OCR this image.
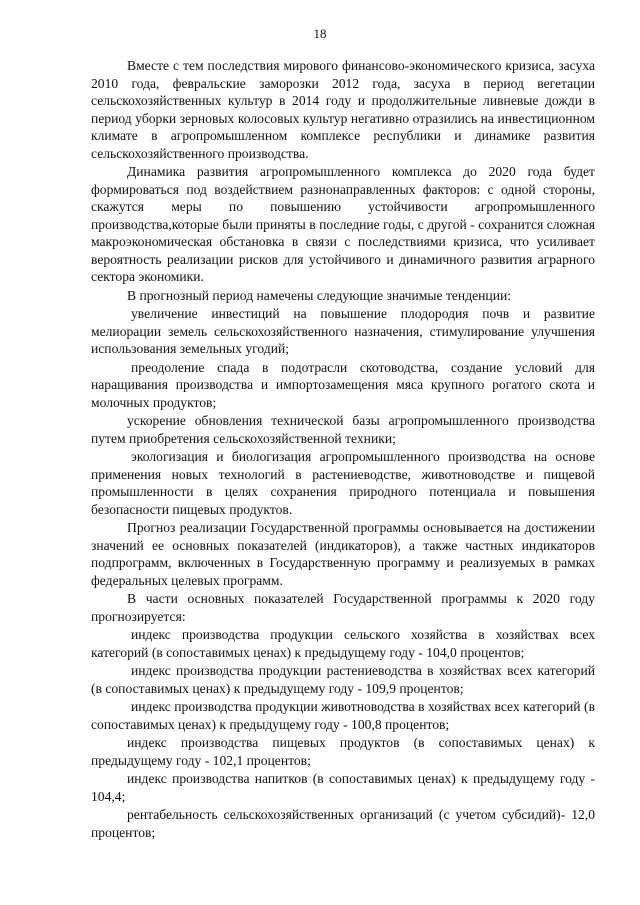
18

Вместе с тем последствия мирового финансово-экономического кризиса, засуха 2010 года, февральские заморозки 2012 года, засуха в период вегетации сельскохозяйственных культур в 2014 году и продолжительные ливневые дожди в период уборки зерновых колосовых культур негативно отразились на инвестиционном климате в агропромышленном комплексе республики и динамике развития сельскохозяйственного производства.

Динамика развития агропромышленного комплекса до 2020 года будет формироваться под воздействием разнонаправленных факторов: с одной стороны, скажутся меры по повышению устойчивости агропромышленного производства,которые были приняты в последние годы, с другой - сохранится сложная макроэкономическая обстановка в связи с последствиями кризиса, что усиливает вероятность реализации рисков для устойчивого и динамичного развития аграрного сектора экономики.

В прогнозный период намечены следующие значимые тенденции:

увеличение инвестиций на повышение плодородия почв и развитие мелиорации земель сельскохозяйственного назначения, стимулирование улучшения использования земельных угодий;

преодоление спада в подотрасли скотоводства, создание условий для наращивания производства и импортозамещения мяса крупного рогатого скота и молочных продуктов;

ускорение обновления технической базы агропромышленного производства путем приобретения сельскохозяйственной техники;

экологизация и биологизация агропромышленного производства на основе применения новых технологий в растениеводстве, животноводстве и пищевой промышленности в целях сохранения природного потенциала и повышения безопасности пищевых продуктов.

Прогноз реализации Государственной программы основывается на достижении значений ее основных показателей (индикаторов), а также частных индикаторов подпрограмм, включенных в Государственную программу и реализуемых в рамках федеральных целевых программ.

В части основных показателей Государственной программы к 2020 году прогнозируется:

индекс производства продукции сельского хозяйства в хозяйствах всех категорий (в сопоставимых ценах) к предыдущему году - 104,0 процентов;

индекс производства продукции растениеводства в хозяйствах всех категорий (в сопоставимых ценах) к предыдущему году - 109,9 процентов;

индекс производства продукции животноводства в хозяйствах всех категорий (в сопоставимых ценах) к предыдущему году - 100,8 процентов;

индекс производства пищевых продуктов (в сопоставимых ценах) к предыдущему году - 102,1 процентов;

индекс производства напитков (в сопоставимых ценах) к предыдущему году - 104,4;

рентабельность сельскохозяйственных организаций (с учетом субсидий)- 12,0 процентов;
